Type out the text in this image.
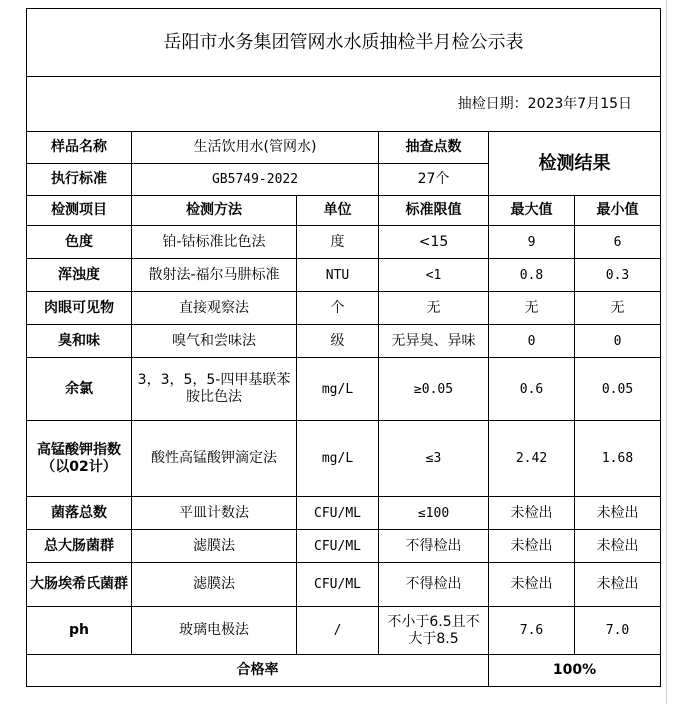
岳阳市水务集团管网水水质抽检半月检公示表					
抽检日期：2023年7月15日					
样品名称	生活饮用水(管网水)		抽查点数	检测结果	
执行标准	GB5749-2022		27个		
检测项目	检测方法	单位	标准限值	最大值	最小值
色度	铂-钴标准比色法	度	<15	9	6
浑浊度	散射法-福尔马肼标准	NTU	<1	0.8	0.3
肉眼可见物	直接观察法	个	无	无	无
臭和味	嗅气和尝味法	级	无异臭、异味	0	0
余氯	3，3，5，5-四甲基联苯胺比色法	mg/L	≥0.05	0.6	0.05
高锰酸钾指数（以02计）	酸性高锰酸钾滴定法	mg/L	≤3	2.42	1.68
菌落总数	平皿计数法	CFU/ML	≤100	未检出	未检出
总大肠菌群	滤膜法	CFU/ML	不得检出	未检出	未检出
大肠埃希氏菌群	滤膜法	CFU/ML	不得检出	未检出	未检出
ph	玻璃电极法	/	不小于6.5且不大于8.5	7.6	7.0
合格率				100%	
